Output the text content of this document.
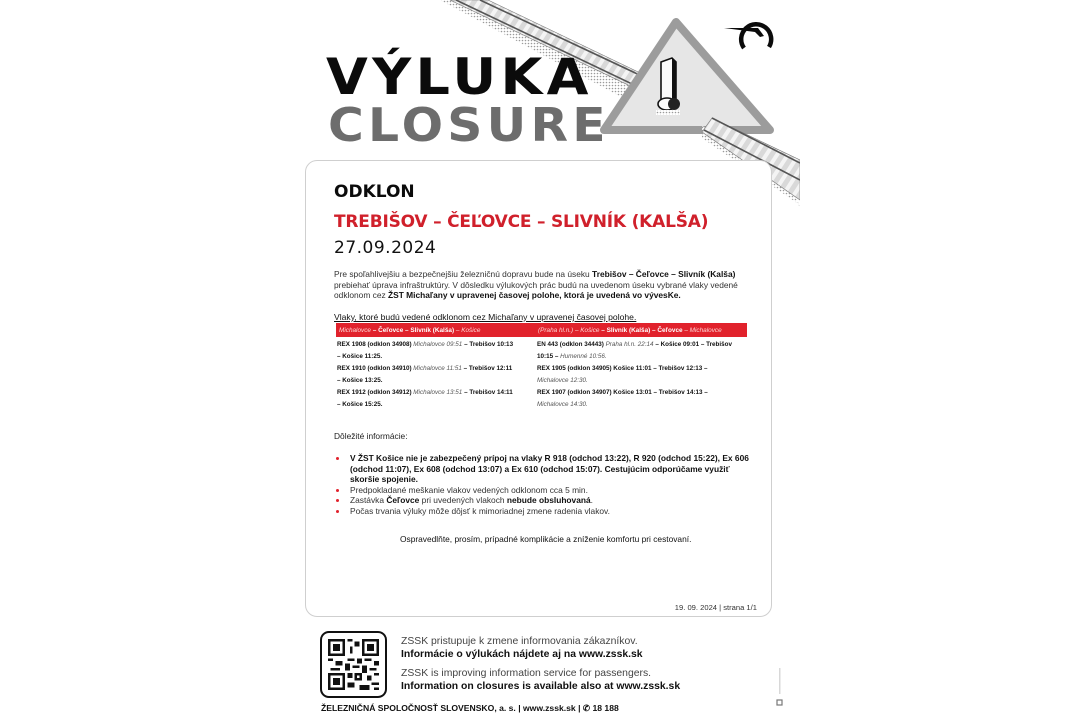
VÝLUKA
CLOSURE
ODKLON
TREBIŠOV – ČEĽOVCE – SLIVNÍK (KALŠA)
27.09.2024

Pre spoľahlivejšiu a bezpečnejšiu železničnú dopravu bude na úseku Trebišov – Čeľovce – Slivník (Kalša) prebiehať úprava infraštruktúry. V dôsledku výlukových prác budú na uvedenom úseku vybrané vlaky vedené odklonom cez ŽST Michaľany v upravenej časovej polohe, ktorá je uvedená vo vývesKe.

Vlaky, ktoré budú vedené odklonom cez Michaľany v upravenej časovej polohe.
Michalovce – Čeľovce – Slivník (Kalša) – Košice	(Praha hl.n.) – Košice – Slivník (Kalša) – Čeľovce – Michalovce
REX 1908 (odklon 34908) Michalovce 09:51 – Trebišov 10:13
– Košice 11:25.
REX 1910 (odklon 34910) Michalovce 11:51 – Trebišov 12:11
– Košice 13:25.
REX 1912 (odklon 34912) Michalovce 13:51 – Trebišov 14:11
– Košice 15:25.
EN 443 (odklon 34443) Praha hl.n. 22:14 – Košice 09:01 – Trebišov 10:15 – Humenné 10:56.
REX 1905 (odklon 34905) Košice 11:01 – Trebišov 12:13 –
Michalovce 12:30.
REX 1907 (odklon 34907) Košice 13:01 – Trebišov 14:13 –
Michalovce 14:30.
Dôležité informácie:
V ŽST Košice nie je zabezpečený prípoj na vlaky R 918 (odchod 13:22), R 920 (odchod 15:22), Ex 606 (odchod 11:07), Ex 608 (odchod 13:07) a Ex 610 (odchod 15:07). Cestujúcim odporúčame využiť skoršie spojenie.
Predpokladané meškanie vlakov vedených odklonom cca 5 min.
Zastávka Čeľovce pri uvedených vlakoch nebude obsluhovaná.
Počas trvania výluky môže dôjsť k mimoriadnej zmene radenia vlakov.
Ospravedlňte, prosím, prípadné komplikácie a zníženie komfortu pri cestovaní.
19. 09. 2024 | strana 1/1
ZSSK pristupuje k zmene informovania zákazníkov.
Informácie o výlukách nájdete aj na www.zssk.sk
ZSSK is improving information service for passengers.
Information on closures is available also at www.zssk.sk
ŽELEZNIČNÁ SPOLOČNOSŤ SLOVENSKO, a. s. | www.zssk.sk | ✆ 18 188
